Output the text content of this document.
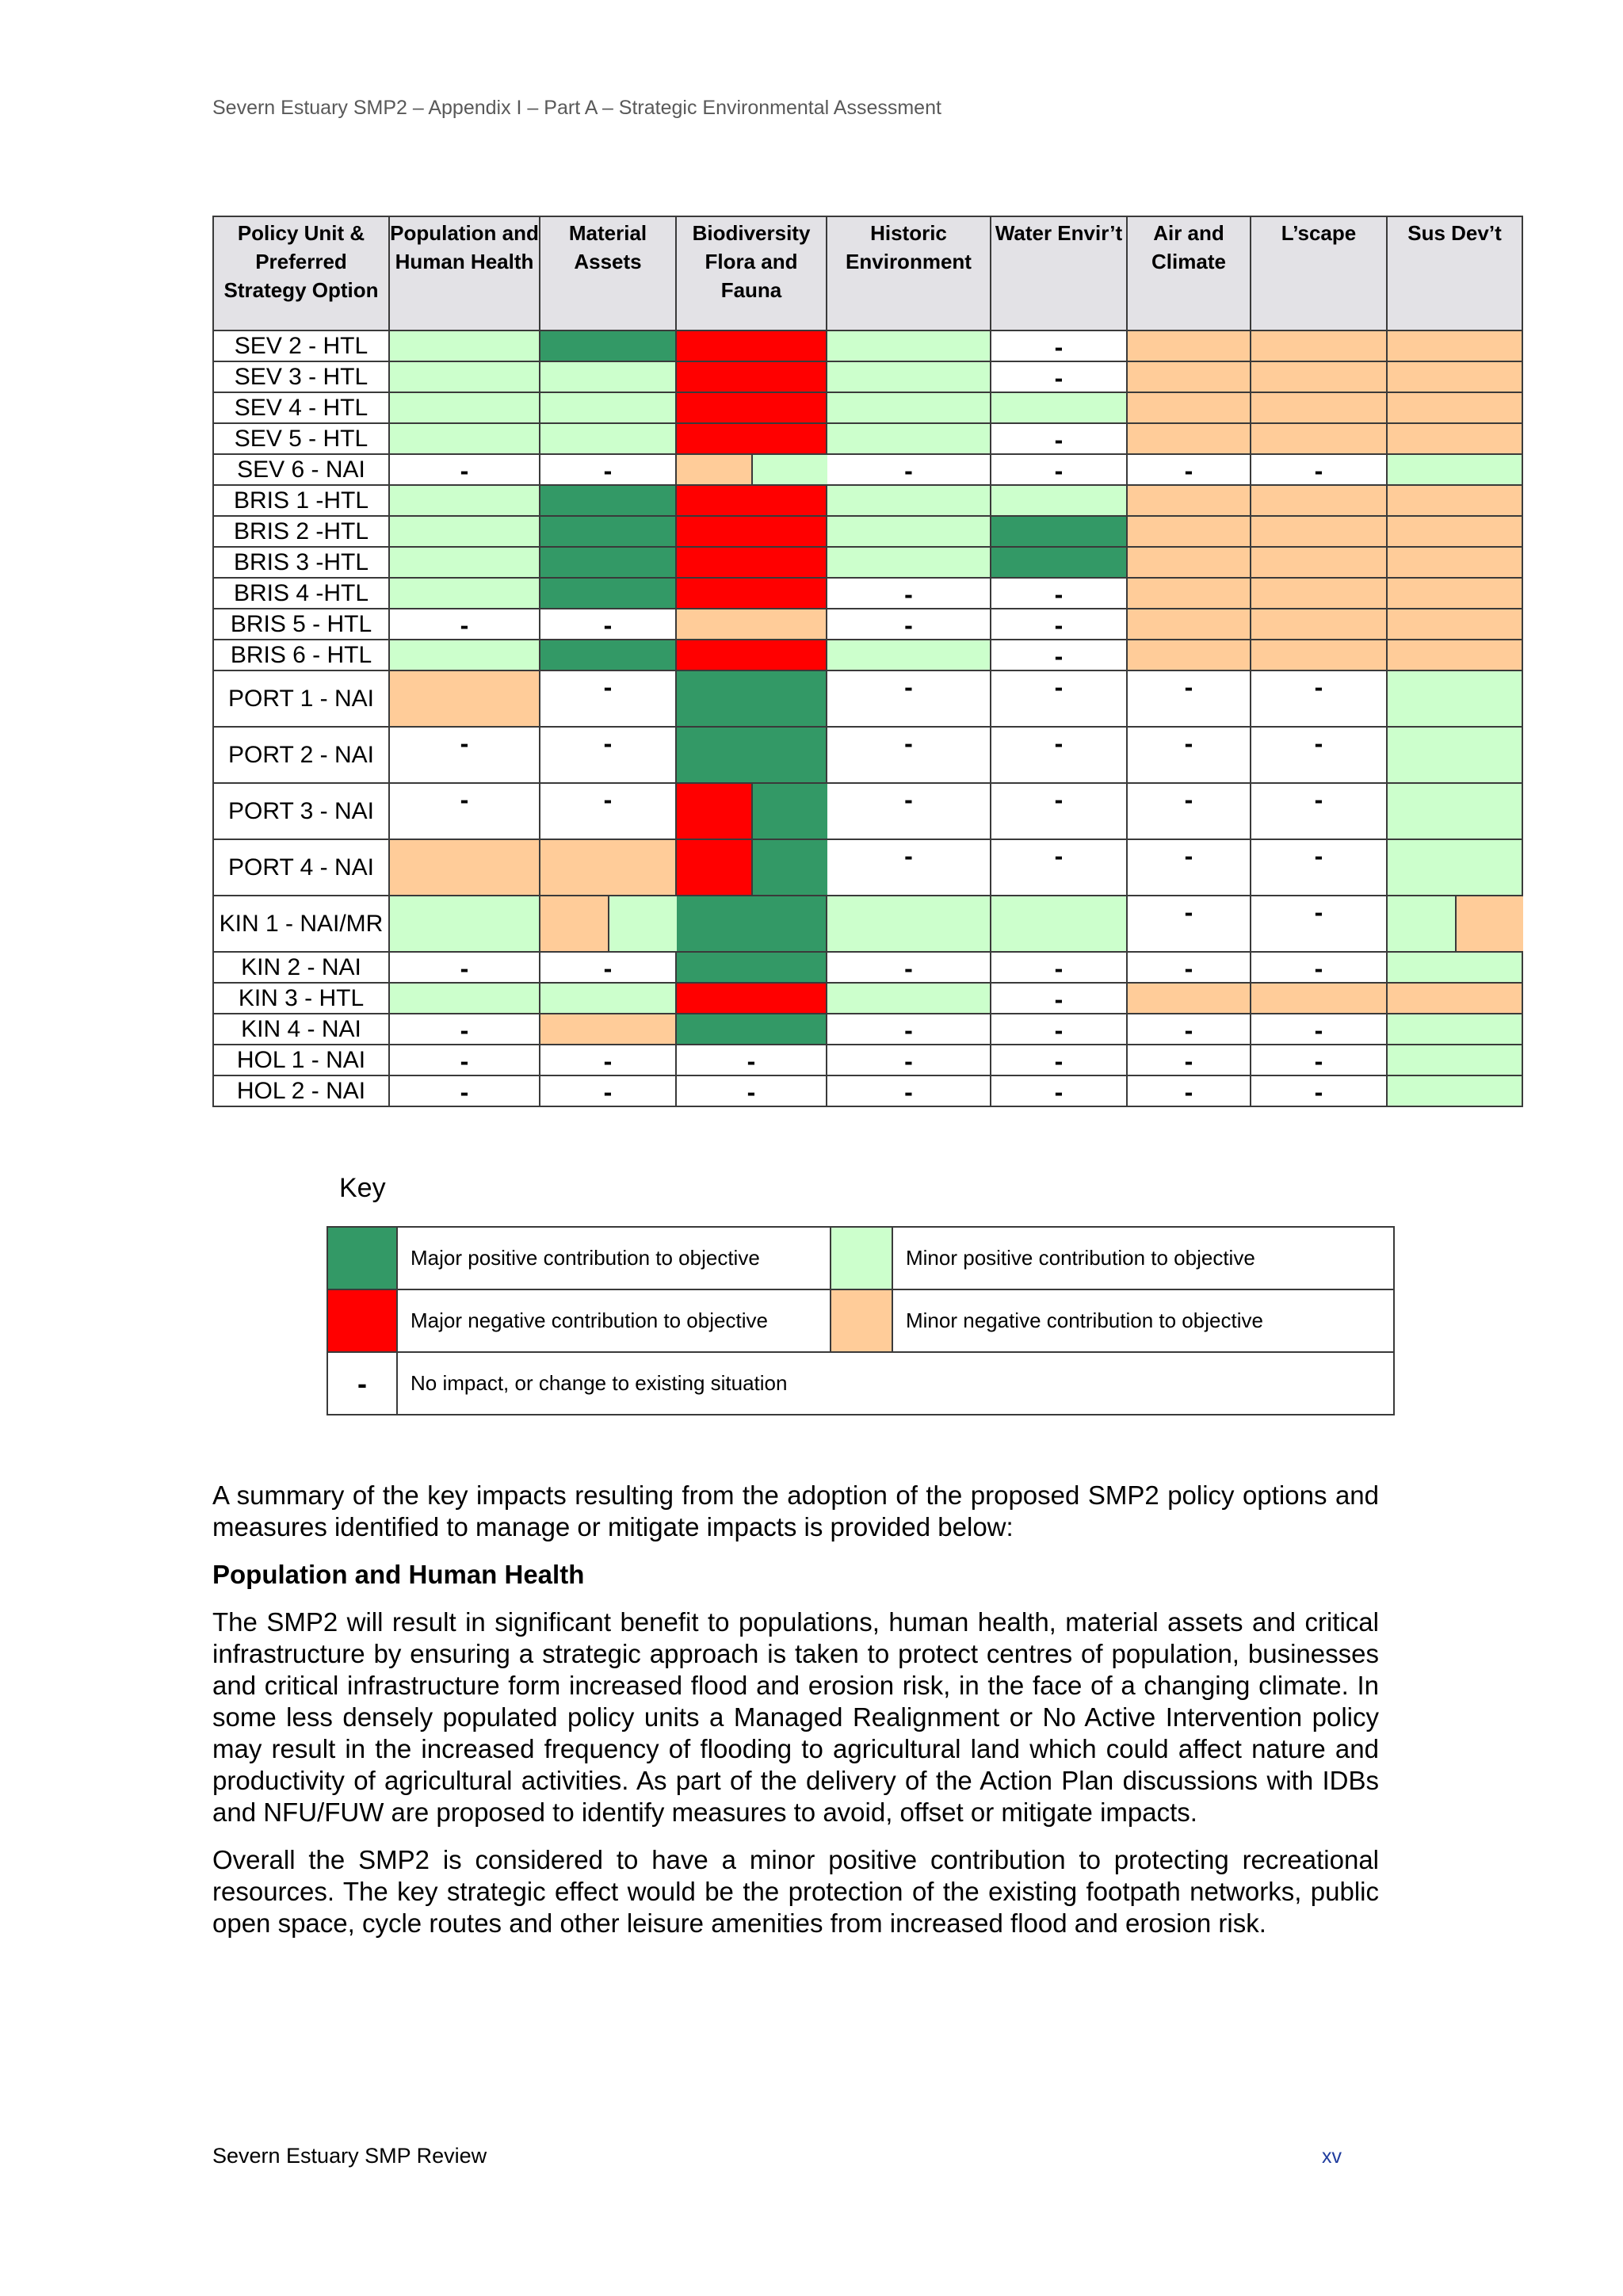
Severn Estuary SMP2 – Appendix I – Part A – Strategic Environmental Assessment
Policy Unit & Preferred Strategy Option	Population and Human Health	Material Assets	Biodiversity Flora and Fauna	Historic Environment	Water Envir’t	Air and Climate	L’scape	Sus Dev’t
SEV 2 - HTL					-			

SEV 3 - HTL					-			

SEV 4 - HTL	

SEV 5 - HTL					-			

SEV 6 - NAI	-	-		-	-	-	-	

BRIS 1 -HTL	

BRIS 2 -HTL	

BRIS 3 -HTL	

BRIS 4 -HTL				-	-			

BRIS 5 - HTL	-	-		-	-			

BRIS 6 - HTL					-			

PORT 1 - NAI		-		-	-	-	-	

PORT 2 - NAI	-	-		-	-	-	-	

PORT 3 - NAI	-	-		-	-	-	-	

PORT 4 - NAI				-	-	-	-	

KIN 1 - NAI/MR						-	-	

KIN 2 - NAI	-	-		-	-	-	-	

KIN 3 - HTL					-			

KIN 4 - NAI	-			-	-	-	-	

HOL 1 - NAI	-	-	-	-	-	-	-	

HOL 2 - NAI	-	-	-	-	-	-	-	

Key
	Major positive contribution to objective		Minor positive contribution to objective
	Major negative contribution to objective		Minor negative contribution to objective
-	No impact, or change to existing situation		

A summary of the key impacts resulting from the adoption of the proposed SMP2 policy options and measures identified to manage or mitigate impacts is provided below:

Population and Human Health

The SMP2 will result in significant benefit to populations, human health, material assets and critical infrastructure by ensuring a strategic approach is taken to protect centres of population, businesses and critical infrastructure form increased flood and erosion risk, in the face of a changing climate. In some less densely populated policy units a Managed Realignment or No Active Intervention policy may result in the increased frequency of flooding to agricultural land which could affect nature and productivity of agricultural activities. As part of the delivery of the Action Plan discussions with IDBs and NFU/FUW are proposed to identify measures to avoid, offset or mitigate impacts.

Overall the SMP2 is considered to have a minor positive contribution to protecting recreational resources. The key strategic effect would be the protection of the existing footpath networks, public open space, cycle routes and other leisure amenities from increased flood and erosion risk.

Severn Estuary SMP Review	xv
